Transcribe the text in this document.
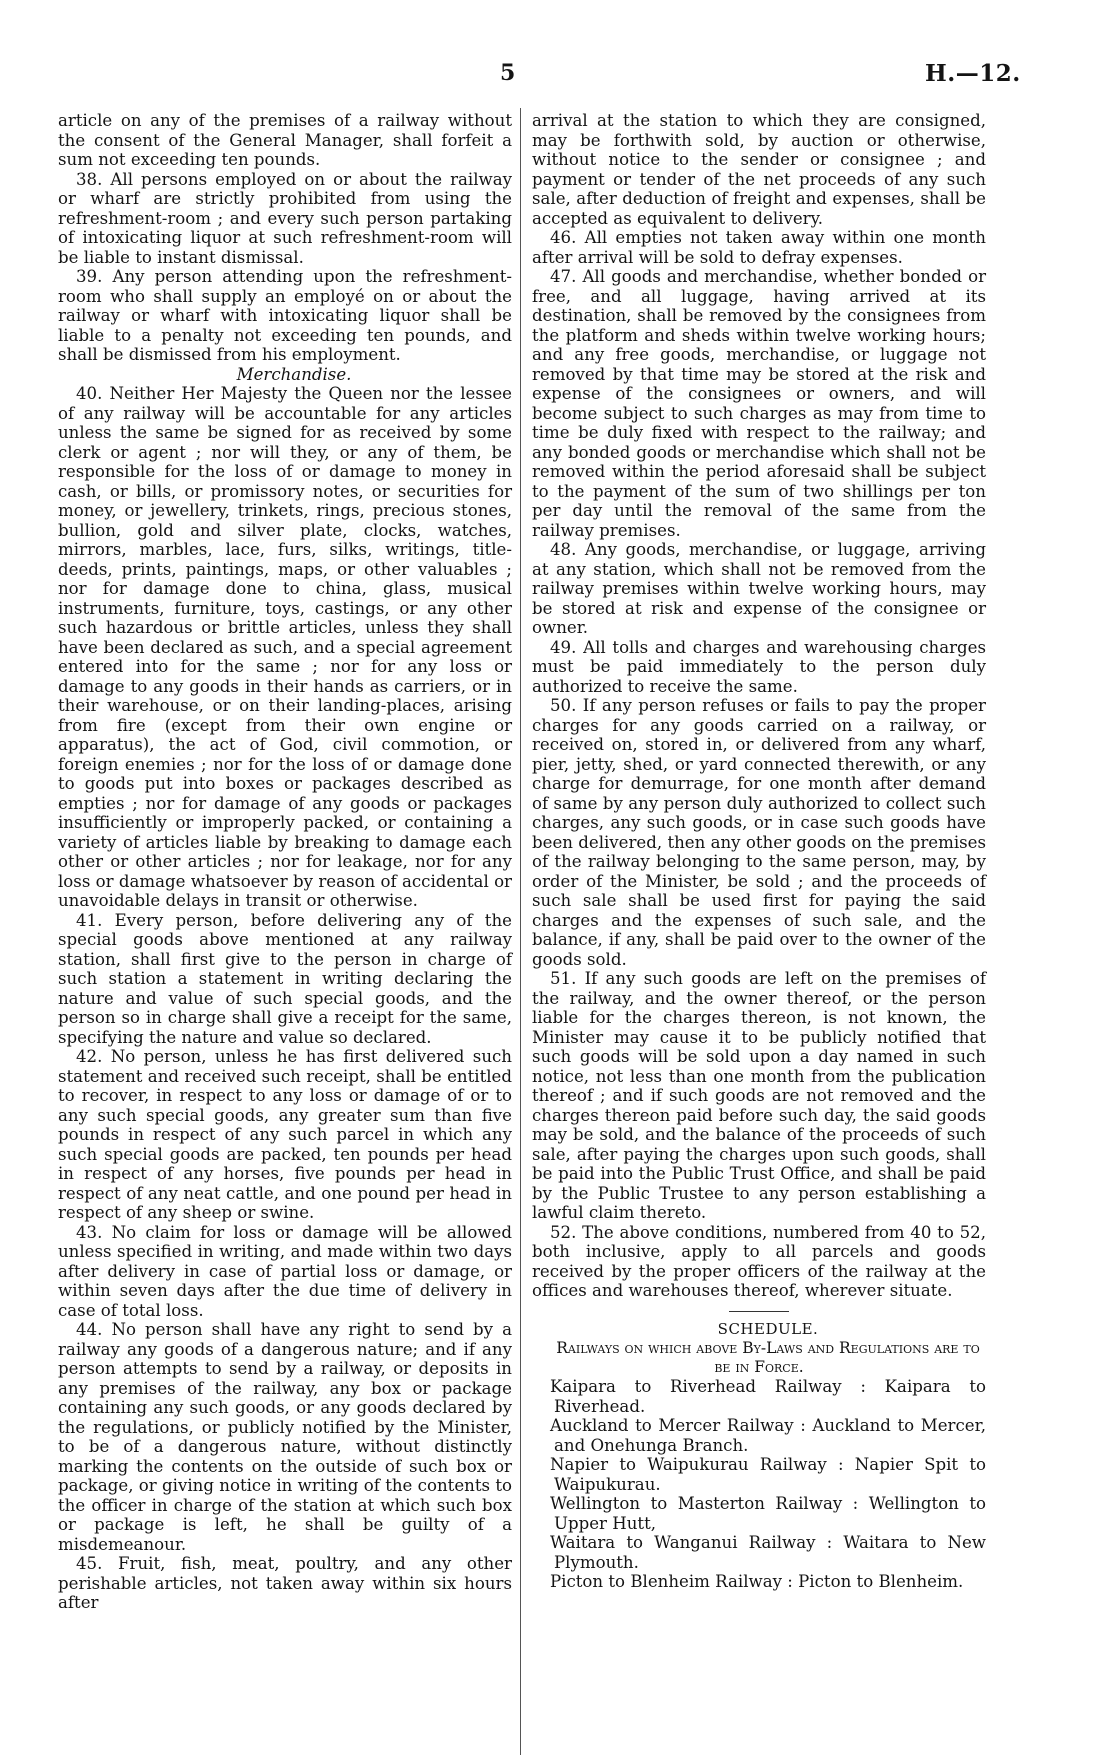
5	H.—12.

article on any of the premises of a railway without the consent of the General Manager, shall forfeit a sum not exceeding ten pounds.

38. All persons employed on or about the railway or wharf are strictly prohibited from using the refreshment-room ; and every such person partaking of intoxicating liquor at such refreshment-room will be liable to instant dismissal.

39. Any person attending upon the refreshment-room who shall supply an employé on or about the railway or wharf with intoxicating liquor shall be liable to a penalty not exceeding ten pounds, and shall be dismissed from his employment.

Merchandise.

40. Neither Her Majesty the Queen nor the lessee of any railway will be accountable for any articles unless the same be signed for as received by some clerk or agent ; nor will they, or any of them, be responsible for the loss of or damage to money in cash, or bills, or promissory notes, or securities for money, or jewellery, trinkets, rings, precious stones, bullion, gold and silver plate, clocks, watches, mirrors, marbles, lace, furs, silks, writings, title-deeds, prints, paintings, maps, or other valuables ; nor for damage done to china, glass, musical instruments, furniture, toys, castings, or any other such hazardous or brittle articles, unless they shall have been declared as such, and a special agreement entered into for the same ; nor for any loss or damage to any goods in their hands as carriers, or in their warehouse, or on their landing-places, arising from fire (except from their own engine or apparatus), the act of God, civil commotion, or foreign enemies ; nor for the loss of or damage done to goods put into boxes or packages described as empties ; nor for damage of any goods or packages insufficiently or improperly packed, or containing a variety of articles liable by breaking to damage each other or other articles ; nor for leakage, nor for any loss or damage whatsoever by reason of accidental or unavoidable delays in transit or otherwise.

41. Every person, before delivering any of the special goods above mentioned at any railway station, shall first give to the person in charge of such station a statement in writing declaring the nature and value of such special goods, and the person so in charge shall give a receipt for the same, specifying the nature and value so declared.

42. No person, unless he has first delivered such statement and received such receipt, shall be entitled to recover, in respect to any loss or damage of or to any such special goods, any greater sum than five pounds in respect of any such parcel in which any such special goods are packed, ten pounds per head in respect of any horses, five pounds per head in respect of any neat cattle, and one pound per head in respect of any sheep or swine.

43. No claim for loss or damage will be allowed unless specified in writing, and made within two days after delivery in case of partial loss or damage, or within seven days after the due time of delivery in case of total loss.

44. No person shall have any right to send by a railway any goods of a dangerous nature; and if any person attempts to send by a railway, or deposits in any premises of the railway, any box or package containing any such goods, or any goods declared by the regulations, or publicly notified by the Minister, to be of a dangerous nature, without distinctly marking the contents on the outside of such box or package, or giving notice in writing of the contents to the officer in charge of the station at which such box or package is left, he shall be guilty of a misdemeanour.

45. Fruit, fish, meat, poultry, and any other perishable articles, not taken away within six hours after

arrival at the station to which they are consigned, may be forthwith sold, by auction or otherwise, without notice to the sender or consignee ; and payment or tender of the net proceeds of any such sale, after deduction of freight and expenses, shall be accepted as equivalent to delivery.

46. All empties not taken away within one month after arrival will be sold to defray expenses.

47. All goods and merchandise, whether bonded or free, and all luggage, having arrived at its destination, shall be removed by the consignees from the platform and sheds within twelve working hours; and any free goods, merchandise, or luggage not removed by that time may be stored at the risk and expense of the consignees or owners, and will become subject to such charges as may from time to time be duly fixed with respect to the railway; and any bonded goods or merchandise which shall not be removed within the period aforesaid shall be subject to the payment of the sum of two shillings per ton per day until the removal of the same from the railway premises.

48. Any goods, merchandise, or luggage, arriving at any station, which shall not be removed from the railway premises within twelve working hours, may be stored at risk and expense of the consignee or owner.

49. All tolls and charges and warehousing charges must be paid immediately to the person duly authorized to receive the same.

50. If any person refuses or fails to pay the proper charges for any goods carried on a railway, or received on, stored in, or delivered from any wharf, pier, jetty, shed, or yard connected therewith, or any charge for demurrage, for one month after demand of same by any person duly authorized to collect such charges, any such goods, or in case such goods have been delivered, then any other goods on the premises of the railway belonging to the same person, may, by order of the Minister, be sold ; and the proceeds of such sale shall be used first for paying the said charges and the expenses of such sale, and the balance, if any, shall be paid over to the owner of the goods sold.

51. If any such goods are left on the premises of the railway, and the owner thereof, or the person liable for the charges thereon, is not known, the Minister may cause it to be publicly notified that such goods will be sold upon a day named in such notice, not less than one month from the publication thereof ; and if such goods are not removed and the charges thereon paid before such day, the said goods may be sold, and the balance of the proceeds of such sale, after paying the charges upon such goods, shall be paid into the Public Trust Office, and shall be paid by the Public Trustee to any person establishing a lawful claim thereto.

52. The above conditions, numbered from 40 to 52, both inclusive, apply to all parcels and goods received by the proper officers of the railway at the offices and warehouses thereof, wherever situate.

SCHEDULE.

Railways on which above By-Laws and Regulations are to be in Force.

Kaipara to Riverhead Railway : Kaipara to Riverhead.

Auckland to Mercer Railway : Auckland to Mercer, and Onehunga Branch.

Napier to Waipukurau Railway : Napier Spit to Waipukurau.

Wellington to Masterton Railway : Wellington to Upper Hutt,

Waitara to Wanganui Railway : Waitara to New Plymouth.

Picton to Blenheim Railway : Picton to Blenheim.
